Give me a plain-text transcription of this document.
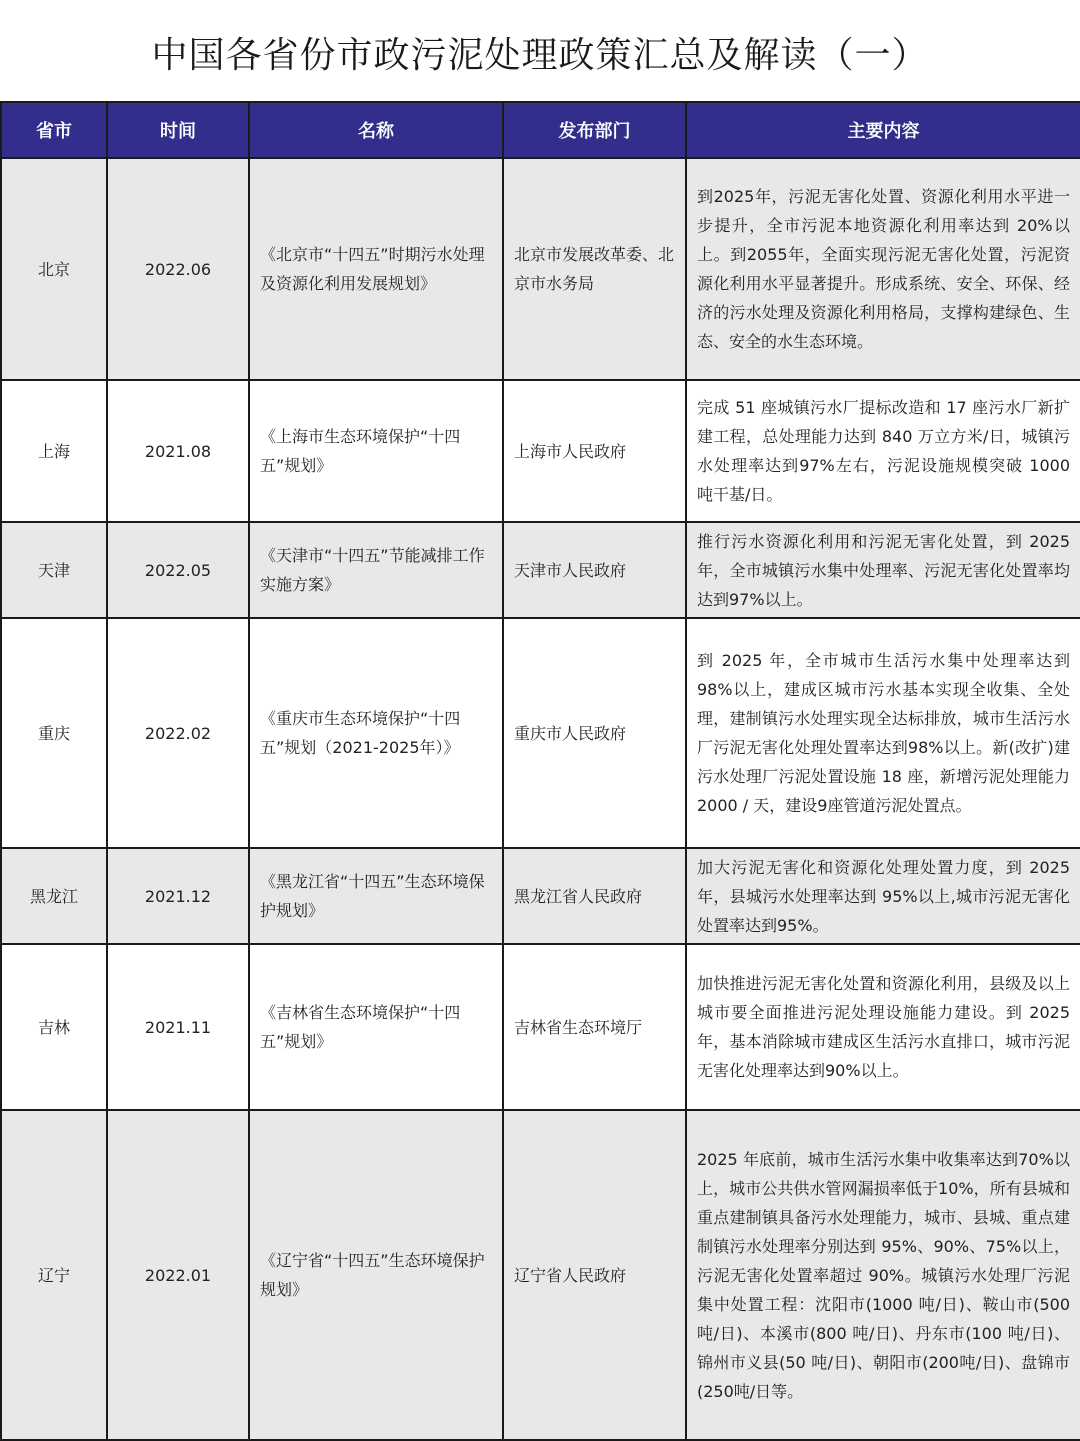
中国各省份市政污泥处理政策汇总及解读（一）
省市	时间	名称	发布部门	主要内容
北京	2022.06	《北京市“十四五”时期污水处理及资源化利用发展规划》	北京市发展改革委、北京市水务局	到2025年，污泥无害化处置、资源化利用水平进一步提升，全市污泥本地资源化利用率达到 20%以上。到2055年，全面实现污泥无害化处置，污泥资源化利用水平显著提升。形成系统、安全、环保、经济的污水处理及资源化利用格局，支撑构建绿色、生态、安全的水生态环境。
上海	2021.08	《上海市生态环境保护“十四五”规划》	上海市人民政府	完成 51 座城镇污水厂提标改造和 17 座污水厂新扩建工程，总处理能力达到 840 万立方米/日，城镇污水处理率达到97%左右，污泥设施规模突破 1000 吨干基/日。
天津	2022.05	《天津市“十四五”节能减排工作实施方案》	天津市人民政府	推行污水资源化利用和污泥无害化处置，到 2025 年，全市城镇污水集中处理率、污泥无害化处置率均达到97%以上。
重庆	2022.02	《重庆市生态环境保护“十四五”规划（2021-2025年）》	重庆市人民政府	到 2025 年，全市城市生活污水集中处理率达到98%以上，建成区城市污水基本实现全收集、全处理，建制镇污水处理实现全达标排放，城市生活污水厂污泥无害化处理处置率达到98%以上。新(改扩)建污水处理厂污泥处置设施 18 座，新增污泥处理能力 2000 / 天，建设9座管道污泥处置点。
黑龙江	2021.12	《黑龙江省“十四五”生态环境保护规划》	黑龙江省人民政府	加大污泥无害化和资源化处理处置力度，到 2025年，县城污水处理率达到 95%以上,城市污泥无害化处置率达到95%。
吉林	2021.11	《吉林省生态环境保护“十四五”规划》	吉林省生态环境厅	加快推进污泥无害化处置和资源化利用，县级及以上城市要全面推进污泥处理设施能力建设。到 2025 年，基本消除城市建成区生活污水直排口，城市污泥无害化处理率达到90%以上。
辽宁	2022.01	《辽宁省“十四五”生态环境保护规划》	辽宁省人民政府	2025 年底前，城市生活污水集中收集率达到70%以上，城市公共供水管网漏损率低于10%，所有县城和重点建制镇具备污水处理能力，城市、县城、重点建制镇污水处理率分别达到 95%、90%、75%以上，污泥无害化处置率超过 90%。城镇污水处理厂污泥集中处置工程：沈阳市(1000 吨/日)、鞍山市(500 吨/日)、本溪市(800 吨/日)、丹东市(100 吨/日)、锦州市义县(50 吨/日)、朝阳市(200吨/日)、盘锦市(250吨/日等。
